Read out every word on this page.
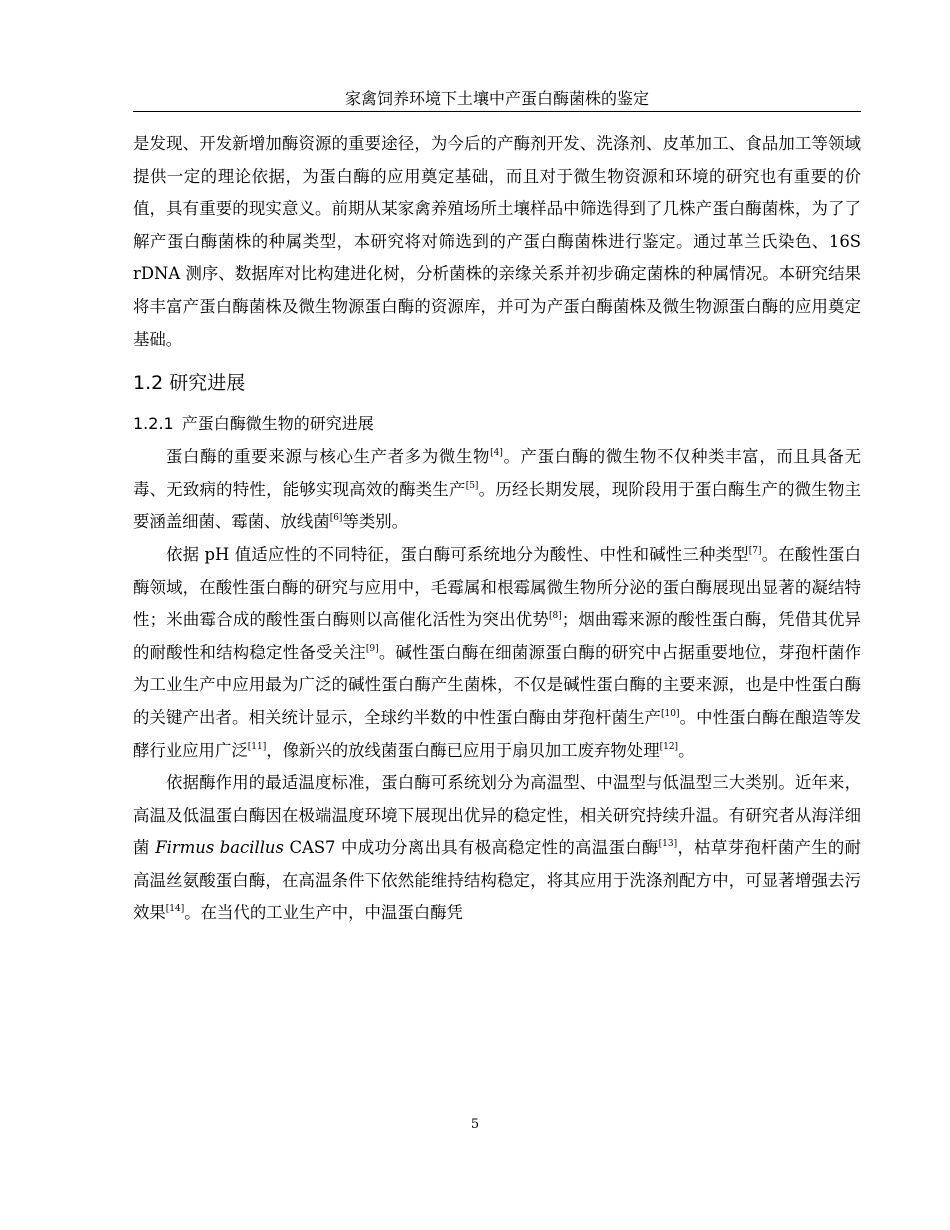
家禽饲养环境下土壤中产蛋白酶菌株的鉴定

是发现、开发新增加酶资源的重要途径，为今后的产酶剂开发、洗涤剂、皮革加工、食品加工等领域提供一定的理论依据，为蛋白酶的应用奠定基础，而且对于微生物资源和环境的研究也有重要的价值，具有重要的现实意义。前期从某家禽养殖场所土壤样品中筛选得到了几株产蛋白酶菌株，为了了解产蛋白酶菌株的种属类型，本研究将对筛选到的产蛋白酶菌株进行鉴定。通过革兰氏染色、16S rDNA 测序、数据库对比构建进化树，分析菌株的亲缘关系并初步确定菌株的种属情况。本研究结果将丰富产蛋白酶菌株及微生物源蛋白酶的资源库，并可为产蛋白酶菌株及微生物源蛋白酶的应用奠定基础。

1.2 研究进展
1.2.1 产蛋白酶微生物的研究进展

蛋白酶的重要来源与核心生产者多为微生物[4]。产蛋白酶的微生物不仅种类丰富，而且具备无毒、无致病的特性，能够实现高效的酶类生产[5]。历经长期发展，现阶段用于蛋白酶生产的微生物主要涵盖细菌、霉菌、放线菌[6]等类别。

依据 pH 值适应性的不同特征，蛋白酶可系统地分为酸性、中性和碱性三种类型[7]。在酸性蛋白酶领域，在酸性蛋白酶的研究与应用中，毛霉属和根霉属微生物所分泌的蛋白酶展现出显著的凝结特性；米曲霉合成的酸性蛋白酶则以高催化活性为突出优势[8]；烟曲霉来源的酸性蛋白酶，凭借其优异的耐酸性和结构稳定性备受关注[9]。碱性蛋白酶在细菌源蛋白酶的研究中占据重要地位，芽孢杆菌作为工业生产中应用最为广泛的碱性蛋白酶产生菌株，不仅是碱性蛋白酶的主要来源，也是中性蛋白酶的关键产出者。相关统计显示，全球约半数的中性蛋白酶由芽孢杆菌生产[10]。中性蛋白酶在酿造等发酵行业应用广泛[11]，像新兴的放线菌蛋白酶已应用于扇贝加工废弃物处理[12]。

依据酶作用的最适温度标准，蛋白酶可系统划分为高温型、中温型与低温型三大类别。近年来，高温及低温蛋白酶因在极端温度环境下展现出优异的稳定性，相关研究持续升温。有研究者从海洋细菌 Firmus bacillus CAS7 中成功分离出具有极高稳定性的高温蛋白酶[13]，枯草芽孢杆菌产生的耐高温丝氨酸蛋白酶，在高温条件下依然能维持结构稳定，将其应用于洗涤剂配方中，可显著增强去污效果[14]。在当代的工业生产中，中温蛋白酶凭

5
